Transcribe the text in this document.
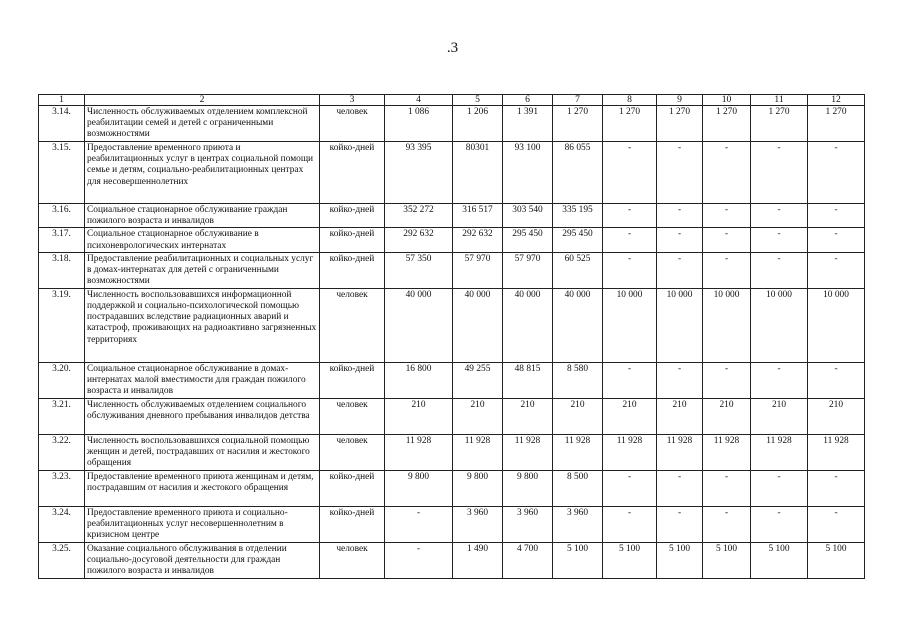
.3
1	2	3	4	5	6	7	8	9	10	11	12
3.14.	Численность обслуживаемых отделением комплексной реабилитации семей и детей с ограниченными возможностями	человек	1 086	1 206	1 391	1 270	1 270	1 270	1 270	1 270	1 270
3.15.	Предоставление временного приюта и реабилитационных услуг в центрах социальной помощи семье и детям, социально-реабилитационных центрах для несовершеннолетних	койко-дней	93 395	80301	93 100	86 055	-	-	-	-	-
3.16.	Социальное стационарное обслуживание граждан пожилого возраста и инвалидов	койко-дней	352 272	316 517	303 540	335 195	-	-	-	-	-
3.17.	Социальное стационарное обслуживание в психоневрологических интернатах	койко-дней	292 632	292 632	295 450	295 450	-	-	-	-	-
3.18.	Предоставление реабилитационных и социальных услуг в домах-интернатах для детей с ограниченными возможностями	койко-дней	57 350	57 970	57 970	60 525	-	-	-	-	-
3.19.	Численность воспользовавшихся информационной поддержкой и социально-психологической помощью пострадавших вследствие радиационных аварий и катастроф, проживающих на радиоактивно загрязненных территориях	человек	40 000	40 000	40 000	40 000	10 000	10 000	10 000	10 000	10 000
3.20.	Социальное стационарное обслуживание в домах-интернатах малой вместимости для граждан пожилого возраста и инвалидов	койко-дней	16 800	49 255	48 815	8 580	-	-	-	-	-
3.21.	Численность обслуживаемых отделением социального обслуживания дневного пребывания инвалидов детства	человек	210	210	210	210	210	210	210	210	210
3.22.	Численность воспользовавшихся социальной помощью женщин и детей, пострадавших от насилия и жестокого обращения	человек	11 928	11 928	11 928	11 928	11 928	11 928	11 928	11 928	11 928
3.23.	Предоставление временного приюта женщинам и детям, пострадавшим от насилия и жестокого обращения	койко-дней	9 800	9 800	9 800	8 500	-	-	-	-	-
3.24.	Предоставление временного приюта и социально-реабилитационных услуг несовершеннолетним в кризисном центре	койко-дней	-	3 960	3 960	3 960	-	-	-	-	-
3.25.	Оказание социального обслуживания в отделении социально-досуговой деятельности для граждан пожилого возраста и инвалидов	человек	-	1 490	4 700	5 100	5 100	5 100	5 100	5 100	5 100
